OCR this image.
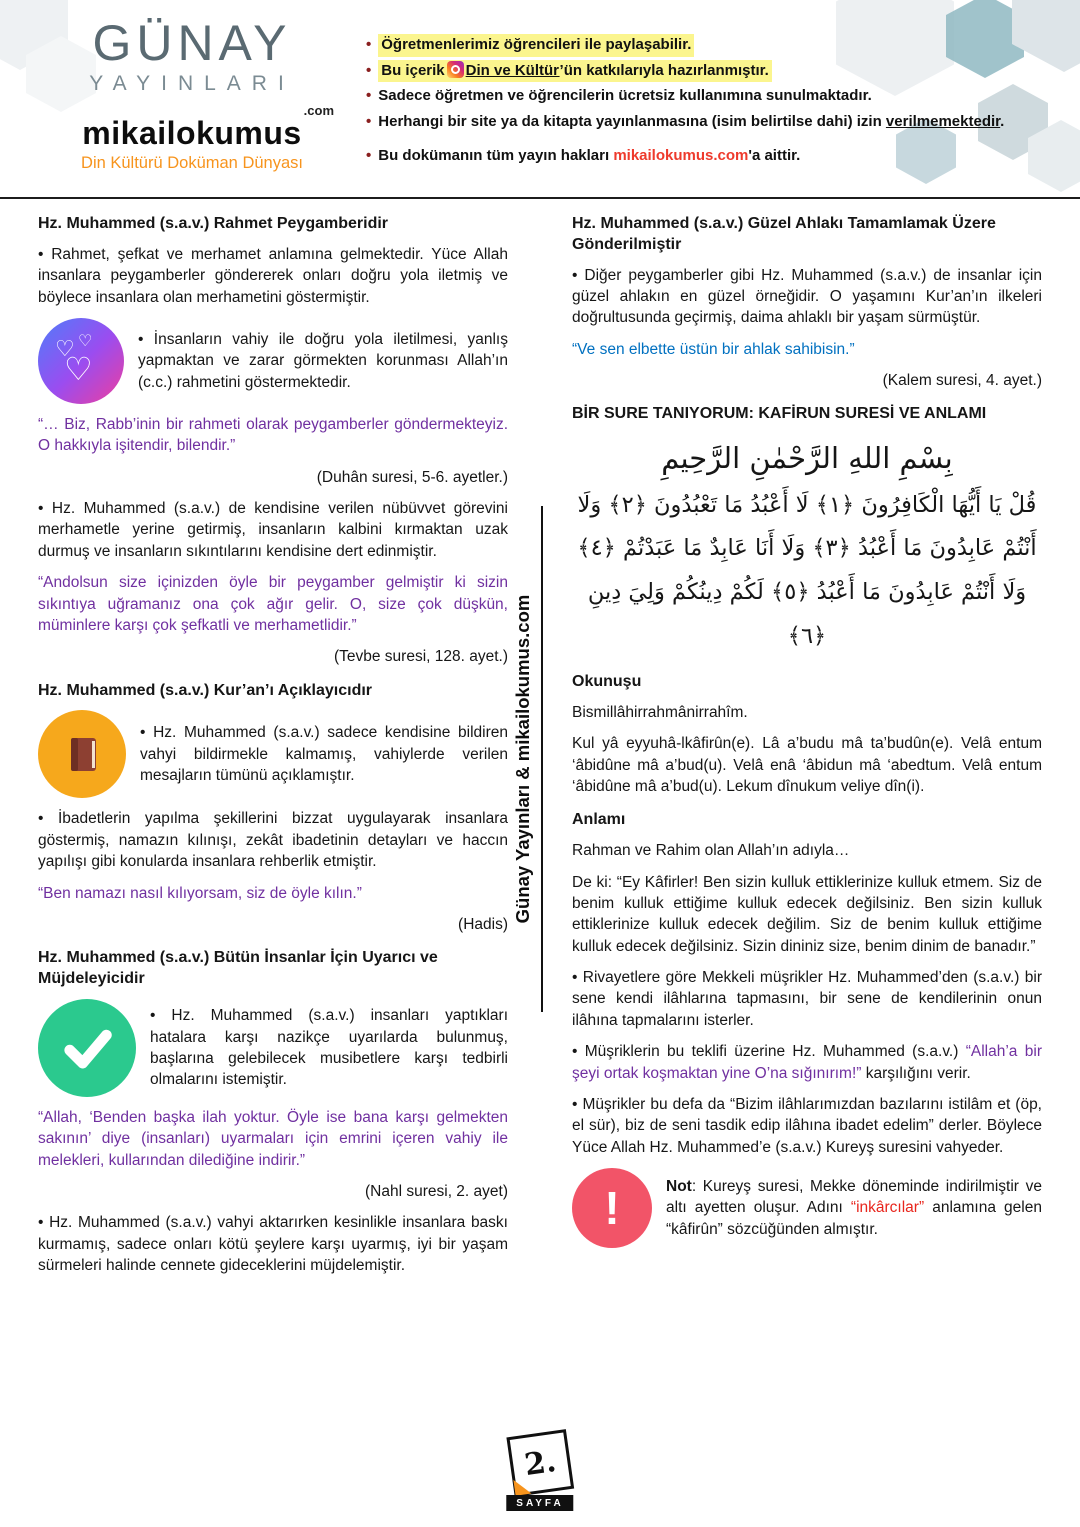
GÜNAY
YAYINLARI
.com
mikailokumus
Din Kültürü Doküman Dünyası
• Öğretmenlerimiz öğrencileri ile paylaşabilir.
• Bu içerik Din ve Kültür’ün katkılarıyla hazırlanmıştır.
• Sadece öğretmen ve öğrencilerin ücretsiz kullanımına sunulmaktadır.
• Herhangi bir site ya da kitapta yayınlanmasına (isim belirtilse dahi) izin verilmemektedir.
• Bu dokümanın tüm yayın hakları mikailokumus.com'a aittir.
Günay Yayınları & mikailokumus.com
Hz. Muhammed (s.a.v.) Rahmet Peygamberidir

• Rahmet, şefkat ve merhamet anlamına gelmektedir. Yüce Allah insanlara peygamberler göndererek onları doğru yola iletmiş ve böylece insanlara olan merhametini göstermiştir.

♡ ♡
♡

• İnsanların vahiy ile doğru yola iletilmesi, yanlış yapmaktan ve zarar görmekten korunması Allah’ın (c.c.) rahmetini göstermektedir.

“… Biz, Rabb’inin bir rahmeti olarak peygamberler göndermekteyiz. O hakkıyla işitendir, bilendir.”

(Duhân suresi, 5-6. ayetler.)

• Hz. Muhammed (s.a.v.) de kendisine verilen nübüvvet görevini merhametle yerine getirmiş, insanların kalbini kırmaktan uzak durmuş ve insanların sıkıntılarını kendisine dert edinmiştir.

“Andolsun size içinizden öyle bir peygamber gelmiştir ki sizin sıkıntıya uğramanız ona çok ağır gelir. O, size çok düşkün, müminlere karşı çok şefkatli ve merhametlidir.”

(Tevbe suresi, 128. ayet.)

Hz. Muhammed (s.a.v.) Kur’an’ı Açıklayıcıdır

• Hz. Muhammed (s.a.v.) sadece kendisine bildiren vahyi bildirmekle kalmamış, vahiylerde verilen mesajların tümünü açıklamıştır.

• İbadetlerin yapılma şekillerini bizzat uygulayarak insanlara göstermiş, namazın kılınışı, zekât ibadetinin detayları ve haccın yapılışı gibi konularda insanlara rehberlik etmiştir.

“Ben namazı nasıl kılıyorsam, siz de öyle kılın.”

(Hadis)

Hz. Muhammed (s.a.v.) Bütün İnsanlar İçin Uyarıcı ve Müjdeleyicidir

• Hz. Muhammed (s.a.v.) insanları yaptıkları hatalara karşı nazikçe uyarılarda bulunmuş, başlarına gelebilecek musibetlere karşı tedbirli olmalarını istemiştir.

“Allah, ‘Benden başka ilah yoktur. Öyle ise bana karşı gelmekten sakının’ diye (insanları) uyarmaları için emrini içeren vahiy ile melekleri, kullarından dilediğine indirir.”

(Nahl suresi, 2. ayet)

• Hz. Muhammed (s.a.v.) vahyi aktarırken kesinlikle insanlara baskı kurmamış, sadece onları kötü şeylere karşı uyarmış, iyi bir yaşam sürmeleri halinde cennete gideceklerini müjdelemiştir.

Hz. Muhammed (s.a.v.) Güzel Ahlakı Tamamlamak Üzere Gönderilmiştir

• Diğer peygamberler gibi Hz. Muhammed (s.a.v.) de insanlar için güzel ahlakın en güzel örneğidir. O yaşamını Kur’an’ın ilkeleri doğrultusunda geçirmiş, daima ahlaklı bir yaşam sürmüştür.

“Ve sen elbette üstün bir ahlak sahibisin.”

(Kalem suresi, 4. ayet.)

BİR SURE TANIYORUM: KAFİRUN SURESİ VE ANLAMI
بِسْمِ اللهِ الرَّحْمٰنِ الرَّحِيمِ
قُلْ يَا أَيُّهَا الْكَافِرُونَ ﴿١﴾ لَا أَعْبُدُ مَا تَعْبُدُونَ ﴿٢﴾ وَلَا أَنْتُمْ عَابِدُونَ مَا أَعْبُدُ ﴿٣﴾ وَلَا أَنَا عَابِدٌ مَا عَبَدْتُمْ ﴿٤﴾ وَلَا أَنْتُمْ عَابِدُونَ مَا أَعْبُدُ ﴿٥﴾ لَكُمْ دِينُكُمْ وَلِيَ دِينِ ﴿٦﴾
Okunuşu

Bismillâhirrahmânirrahîm.

Kul yâ eyyuhâ-lkâfirûn(e). Lâ a’budu mâ ta’budûn(e). Velâ entum ‘âbidûne mâ a’bud(u). Velâ enâ ‘âbidun mâ ‘abedtum. Velâ entum ‘âbidûne mâ a’bud(u). Lekum dînukum veliye dîn(i).

Anlamı

Rahman ve Rahim olan Allah’ın adıyla…

De ki: “Ey Kâfirler! Ben sizin kulluk ettiklerinize kulluk etmem. Siz de benim kulluk ettiğime kulluk edecek değilsiniz. Ben sizin kulluk ettiklerinize kulluk edecek değilim. Siz de benim kulluk ettiğime kulluk edecek değilsiniz. Sizin dininiz size, benim dinim de banadır.”

• Rivayetlere göre Mekkeli müşrikler Hz. Muhammed’den (s.a.v.) bir sene kendi ilâhlarına tapmasını, bir sene de kendilerinin onun ilâhına tapmalarını isterler.

• Müşriklerin bu teklifi üzerine Hz. Muhammed (s.a.v.) “Allah’a bir şeyi ortak koşmaktan yine O’na sığınırım!” karşılığını verir.

• Müşrikler bu defa da “Bizim ilâhlarımızdan bazılarını istilâm et (öp, el sür), biz de seni tasdik edip ilâhına ibadet edelim” derler. Böylece Yüce Allah Hz. Muhammed’e (s.a.v.) Kureyş suresini vahyeder.

!	Not: Kureyş suresi, Mekke döneminde indirilmiştir ve altı ayetten oluşur. Adını “inkârcılar” anlamına gelen “kâfirûn” sözcüğünden almıştır.

2.
SAYFA
